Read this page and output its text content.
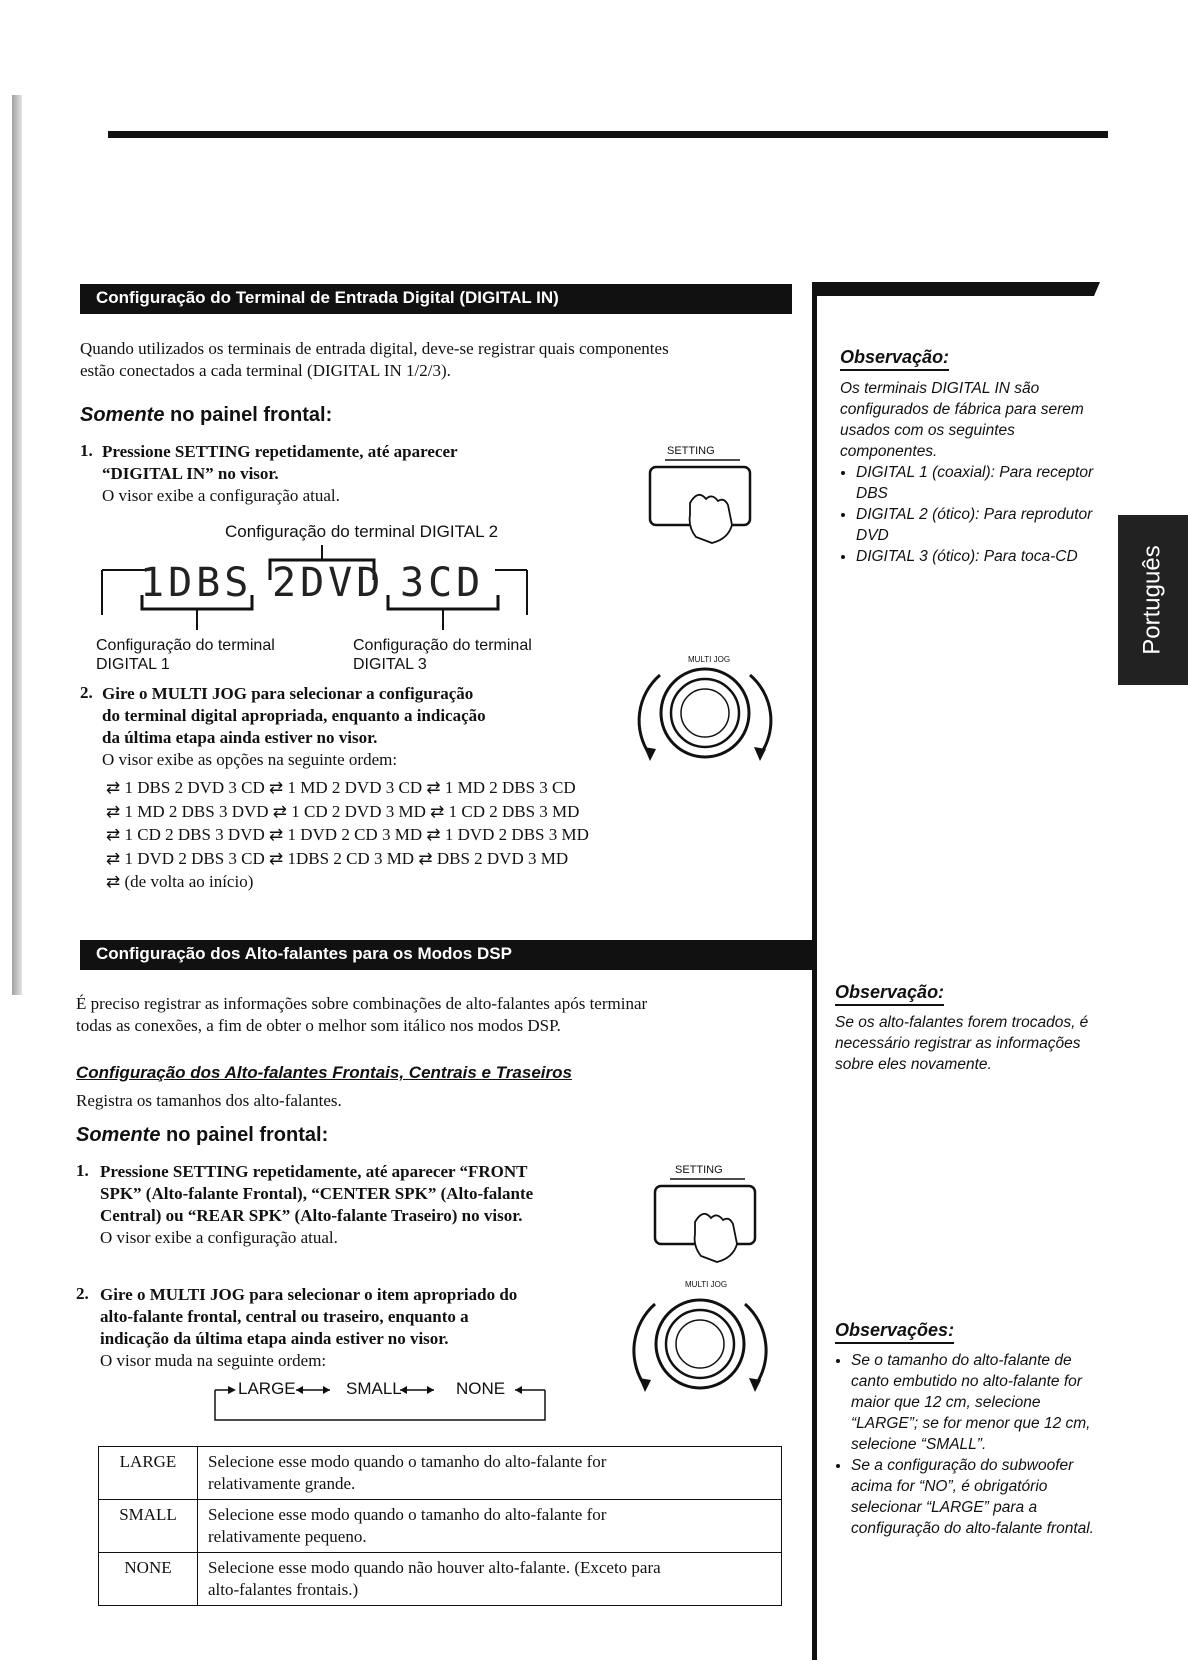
Configuração do Terminal de Entrada Digital (DIGITAL IN)
Quando utilizados os terminais de entrada digital, deve-se registrar quais componentes
estão conectados a cada terminal (DIGITAL IN 1/2/3).
Somente no painel frontal:
1. Pressione SETTING repetidamente, até aparecer
“DIGITAL IN” no visor.
O visor exibe a configuração atual.
SETTING
Configuração do terminal DIGITAL 2
1DBS 2DVD 3CD
Configuração do terminal
DIGITAL 1
Configuração do terminal
DIGITAL 3
2. Gire o MULTI JOG para selecionar a configuração
do terminal digital apropriada, enquanto a indicação
da última etapa ainda estiver no visor.
O visor exibe as opções na seguinte ordem:
MULTI JOG
⇄ 1 DBS 2 DVD 3 CD ⇄ 1 MD 2 DVD 3 CD ⇄ 1 MD 2 DBS 3 CD
⇄ 1 MD 2 DBS 3 DVD ⇄ 1 CD 2 DVD 3 MD ⇄ 1 CD 2 DBS 3 MD
⇄ 1 CD 2 DBS 3 DVD ⇄ 1 DVD 2 CD 3 MD ⇄ 1 DVD 2 DBS 3 MD
⇄ 1 DVD 2 DBS 3 CD ⇄ 1DBS 2 CD 3 MD ⇄ DBS 2 DVD 3 MD
⇄ (de volta ao início)
Configuração dos Alto-falantes para os Modos DSP
É preciso registrar as informações sobre combinações de alto-falantes após terminar
todas as conexões, a fim de obter o melhor som itálico nos modos DSP.
Configuração dos Alto-falantes Frontais, Centrais e Traseiros
Registra os tamanhos dos alto-falantes.
Somente no painel frontal:
1. Pressione SETTING repetidamente, até aparecer “FRONT
SPK” (Alto-falante Frontal), “CENTER SPK” (Alto-falante
Central) ou “REAR SPK” (Alto-falante Traseiro) no visor.
O visor exibe a configuração atual.
SETTING
2. Gire o MULTI JOG para selecionar o item apropriado do
alto-falante frontal, central ou traseiro, enquanto a
indicação da última etapa ainda estiver no visor.
O visor muda na seguinte ordem:
MULTI JOG
LARGE	SMALL	NONE
LARGE	Selecione esse modo quando o tamanho do alto-falante for
relativamente grande.

SMALL	Selecione esse modo quando o tamanho do alto-falante for
relativamente pequeno.

NONE	Selecione esse modo quando não houver alto-falante. (Exceto para
alto-falantes frontais.)
Observação:
Os terminais DIGITAL IN são configurados de fábrica para serem usados com os seguintes componentes.
• DIGITAL 1 (coaxial): Para receptor DBS
• DIGITAL 2 (ótico): Para reprodutor DVD
• DIGITAL 3 (ótico): Para toca-CD	Português
Observação:
Se os alto-falantes forem trocados, é necessário registrar as informações sobre eles novamente.
Observações:
• Se o tamanho do alto-falante de canto embutido no alto-falante for maior que 12 cm, selecione “LARGE”; se for menor que 12 cm, selecione “SMALL”.
• Se a configuração do subwoofer acima for “NO”, é obrigatório selecionar “LARGE” para a configuração do alto-falante frontal.
